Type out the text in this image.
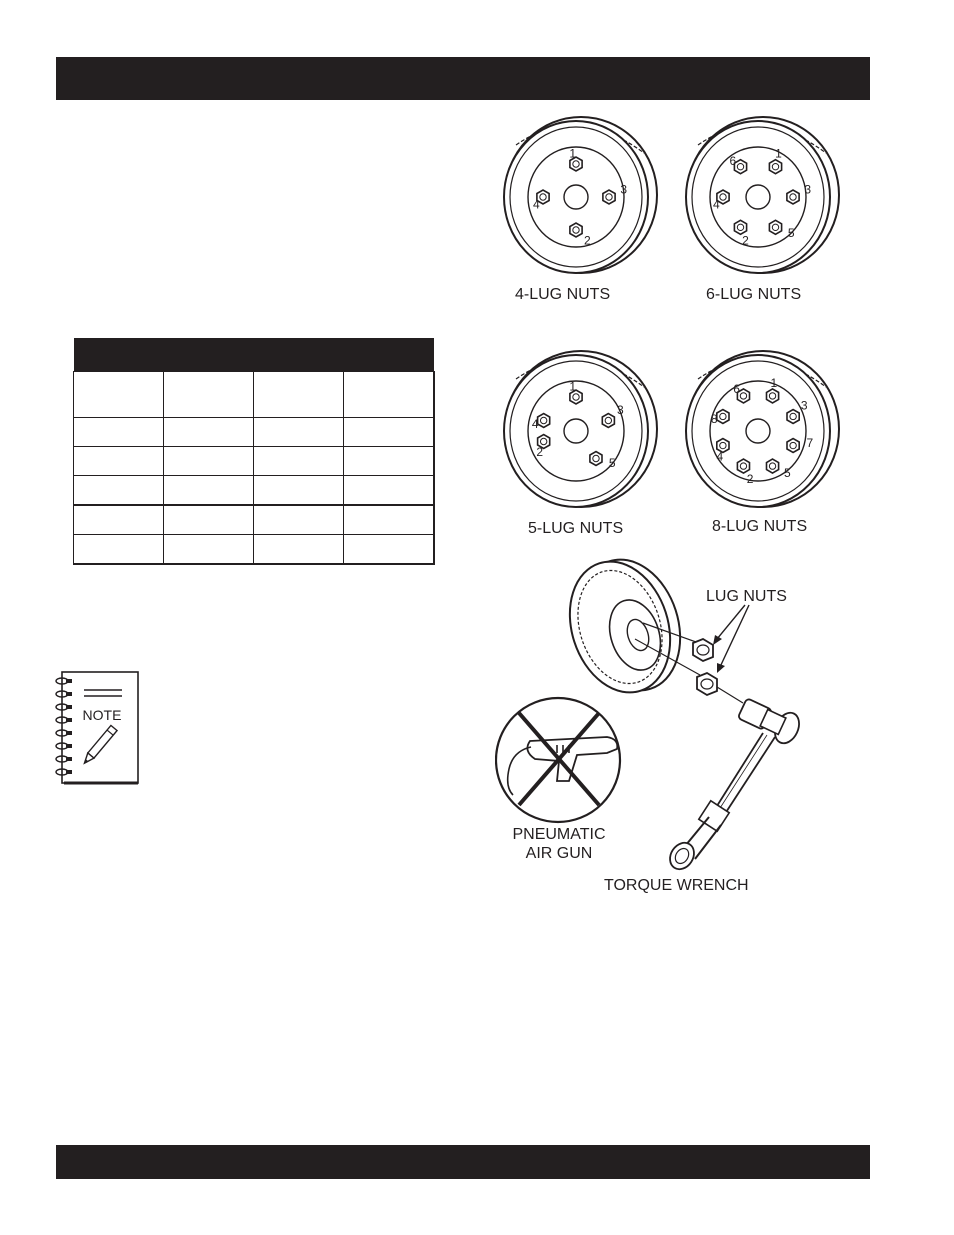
NOTE
1
2
3
4
1
2
3
4
5
6
1
2
3
4
5
1
2
3
4
5
6
7
8
4-LUG NUTS	6-LUG NUTS
5-LUG NUTS	8-LUG NUTS
LUG NUTS
PNEUMATIC
AIR GUN
TORQUE WRENCH
